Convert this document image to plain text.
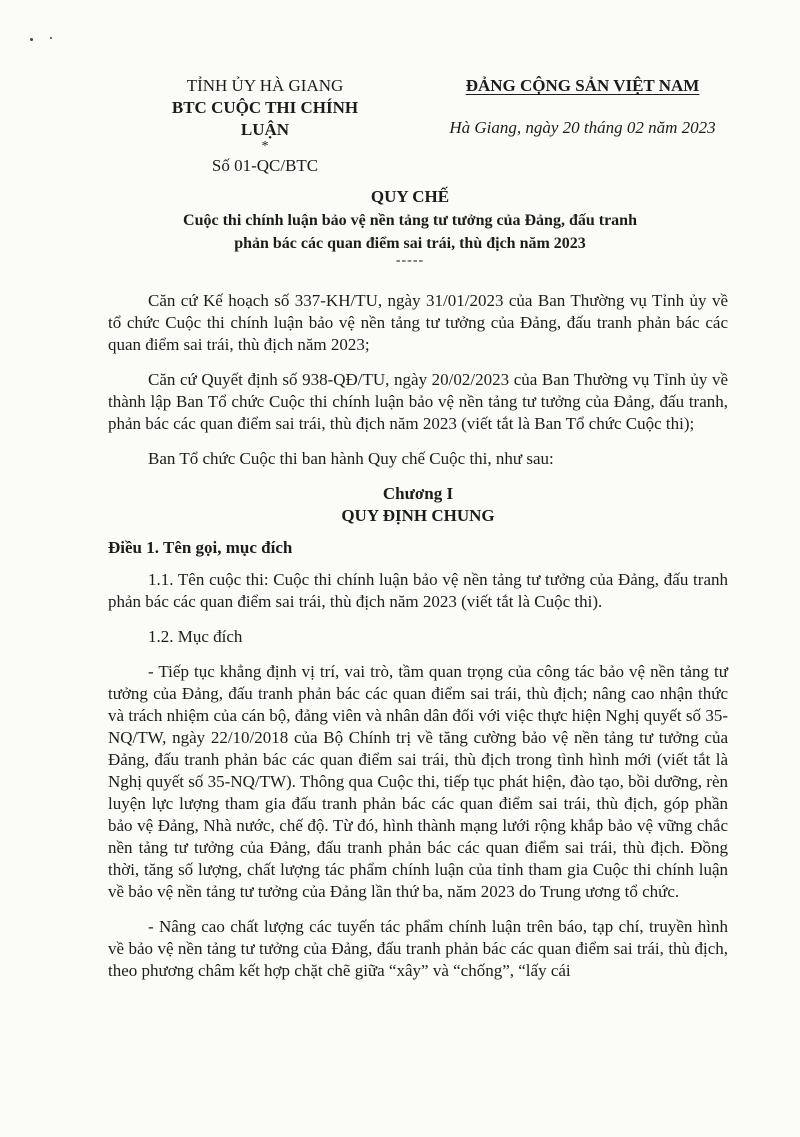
TỈNH ỦY HÀ GIANG
BTC CUỘC THI CHÍNH LUẬN
*
Số 01-QC/BTC
ĐẢNG CỘNG SẢN VIỆT NAM
Hà Giang, ngày 20 tháng 02 năm 2023
QUY CHẾ
Cuộc thi chính luận bảo vệ nền tảng tư tưởng của Đảng, đấu tranh
phản bác các quan điểm sai trái, thù địch năm 2023
-----

Căn cứ Kế hoạch số 337-KH/TU, ngày 31/01/2023 của Ban Thường vụ Tỉnh ủy về tổ chức Cuộc thi chính luận bảo vệ nền tảng tư tưởng của Đảng, đấu tranh phản bác các quan điểm sai trái, thù địch năm 2023;

Căn cứ Quyết định số 938-QĐ/TU, ngày 20/02/2023 của Ban Thường vụ Tỉnh ủy về thành lập Ban Tổ chức Cuộc thi chính luận bảo vệ nền tảng tư tưởng của Đảng, đấu tranh, phản bác các quan điểm sai trái, thù địch năm 2023 (viết tắt là Ban Tổ chức Cuộc thi);

Ban Tổ chức Cuộc thi ban hành Quy chế Cuộc thi, như sau:

Chương I
QUY ĐỊNH CHUNG
Điều 1. Tên gọi, mục đích

1.1. Tên cuộc thi: Cuộc thi chính luận bảo vệ nền tảng tư tưởng của Đảng, đấu tranh phản bác các quan điểm sai trái, thù địch năm 2023 (viết tắt là Cuộc thi).

1.2. Mục đích

- Tiếp tục khẳng định vị trí, vai trò, tầm quan trọng của công tác bảo vệ nền tảng tư tưởng của Đảng, đấu tranh phản bác các quan điểm sai trái, thù địch; nâng cao nhận thức và trách nhiệm của cán bộ, đảng viên và nhân dân đối với việc thực hiện Nghị quyết số 35-NQ/TW, ngày 22/10/2018 của Bộ Chính trị về tăng cường bảo vệ nền tảng tư tưởng của Đảng, đấu tranh phản bác các quan điểm sai trái, thù địch trong tình hình mới (viết tắt là Nghị quyết số 35-NQ/TW). Thông qua Cuộc thi, tiếp tục phát hiện, đào tạo, bồi dưỡng, rèn luyện lực lượng tham gia đấu tranh phản bác các quan điểm sai trái, thù địch, góp phần bảo vệ Đảng, Nhà nước, chế độ. Từ đó, hình thành mạng lưới rộng khắp bảo vệ vững chắc nền tảng tư tưởng của Đảng, đấu tranh phản bác các quan điểm sai trái, thù địch. Đồng thời, tăng số lượng, chất lượng tác phẩm chính luận của tỉnh tham gia Cuộc thi chính luận về bảo vệ nền tảng tư tưởng của Đảng lần thứ ba, năm 2023 do Trung ương tổ chức.

- Nâng cao chất lượng các tuyến tác phẩm chính luận trên báo, tạp chí, truyền hình về bảo vệ nền tảng tư tưởng của Đảng, đấu tranh phản bác các quan điểm sai trái, thù địch, theo phương châm kết hợp chặt chẽ giữa “xây” và “chống”, “lấy cái
